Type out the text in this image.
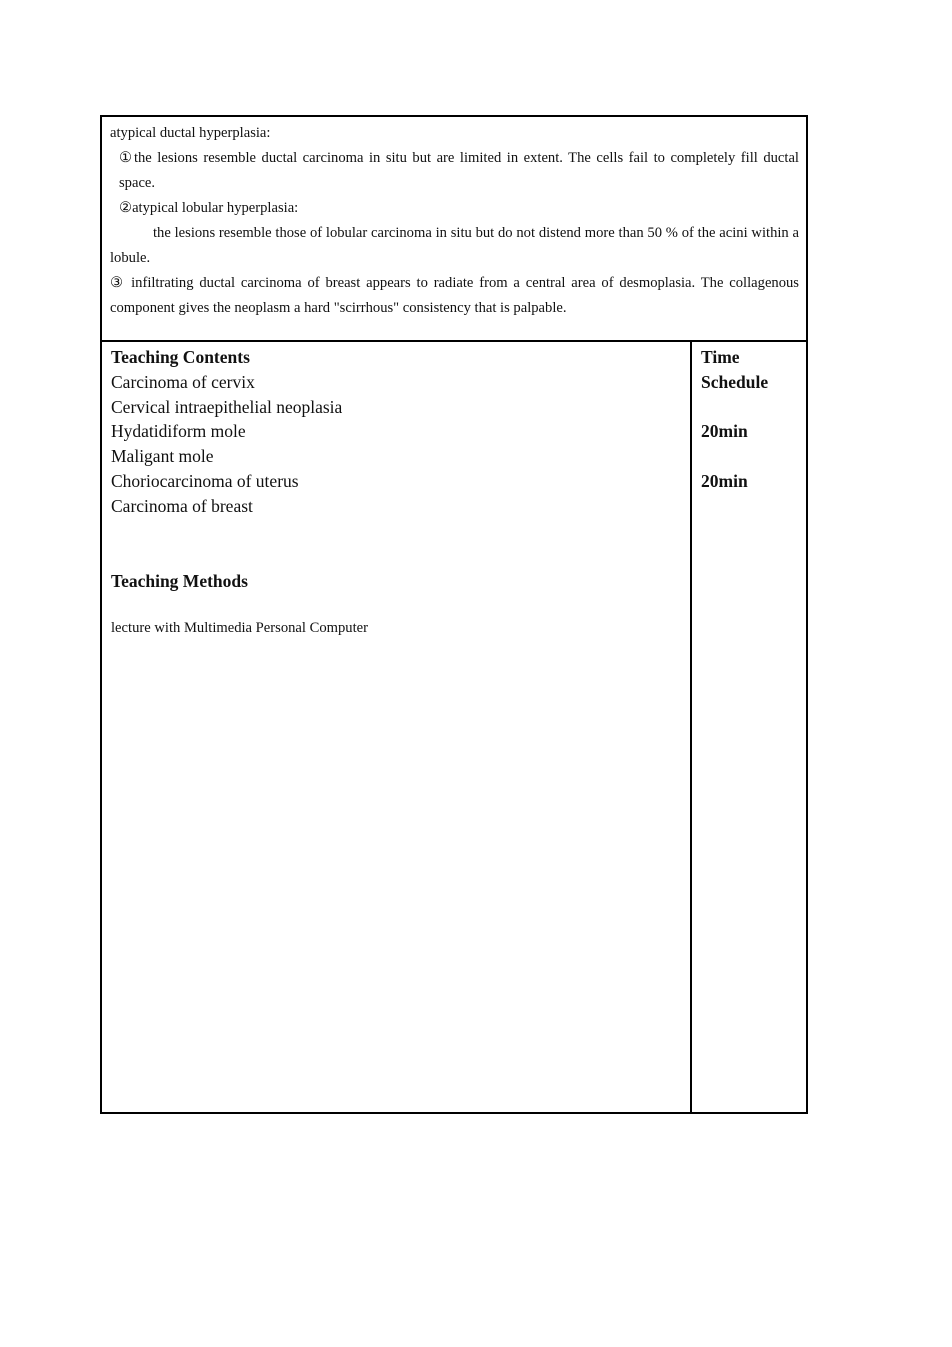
atypical ductal hyperplasia:

①the lesions resemble ductal carcinoma in situ but are limited in extent. The cells fail to completely fill ductal space.

②atypical lobular hyperplasia:

the lesions resemble those of lobular carcinoma in situ but do not distend more than 50 % of the acini within a lobule.

③ infiltrating ductal carcinoma of breast appears to radiate from a central area of desmoplasia. The collagenous component gives the neoplasm a hard "scirrhous" consistency that is palpable.

Teaching Contents
Carcinoma of cervix
Cervical intraepithelial neoplasia
Hydatidiform mole
Maligant mole
Choriocarcinoma of uterus
Carcinoma of breast
Teaching Methods
lecture with Multimedia Personal Computer
Time
Schedule
20min
20min
